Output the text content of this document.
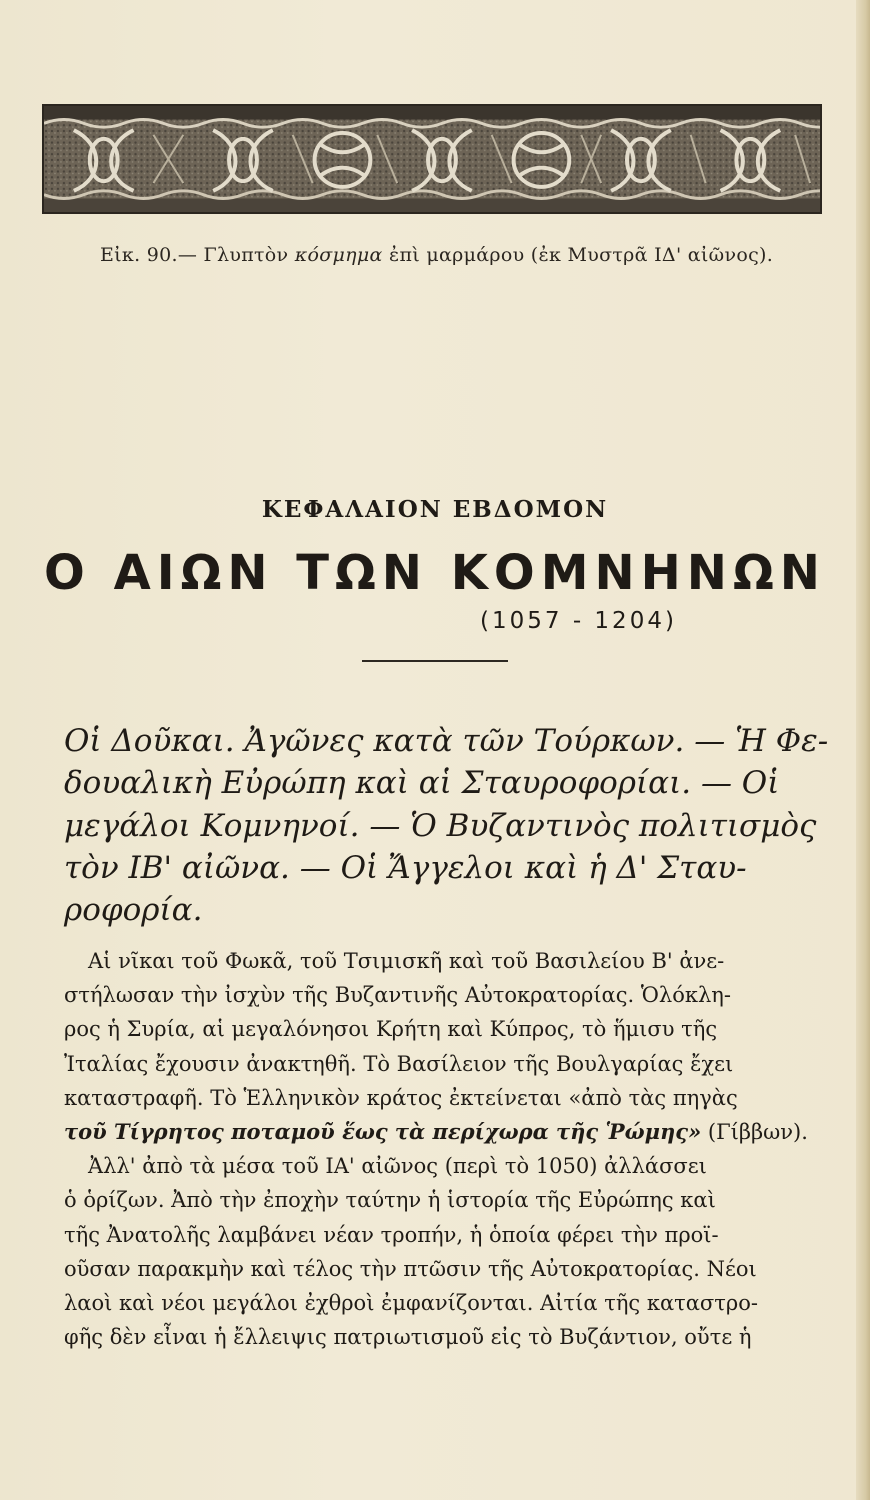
Εἰκ. 90.— Γλυπτὸν κόσμημα ἐπὶ μαρμάρου (ἐκ Μυστρᾶ ΙΔ' αἰῶνος).
ΚΕΦΑΛΑΙΟΝ ΕΒΔΟΜΟΝ
Ο ΑΙΩΝ ΤΩΝ ΚΟΜΝΗΝΩΝ
(1057 - 1204)
Οἱ Δοῦκαι. Ἀγῶνες κατὰ τῶν Τούρκων. — Ἡ Φε-
δουαλικὴ Εὐρώπη καὶ αἱ Σταυροφορίαι. — Οἱ
μεγάλοι Κομνηνοί. — Ὁ Βυζαντινὸς πολιτισμὸς
τὸν ΙΒ' αἰῶνα. — Οἱ Ἄγγελοι καὶ ἡ Δ' Σταυ-
ροφορία.
Αἱ νῖκαι τοῦ Φωκᾶ, τοῦ Τσιμισκῆ καὶ τοῦ Βασιλείου Β' ἀνε-
στήλωσαν τὴν ἰσχὺν τῆς Βυζαντινῆς Αὐτοκρατορίας. Ὁλόκλη-
ρος ἡ Συρία, αἱ μεγαλόνησοι Κρήτη καὶ Κύπρος, τὸ ἥμισυ τῆς
Ἰταλίας ἔχουσιν ἀνακτηθῆ. Τὸ Βασίλειον τῆς Βουλγαρίας ἔχει
καταστραφῆ. Τὸ Ἑλληνικὸν κράτος ἐκτείνεται «ἀπὸ τὰς πηγὰς
τοῦ Τίγρητος ποταμοῦ ἕως τὰ περίχωρα τῆς Ῥώμης» (Γίββων).
Ἀλλ' ἀπὸ τὰ μέσα τοῦ ΙΑ' αἰῶνος (περὶ τὸ 1050) ἀλλάσσει
ὁ ὁρίζων. Ἀπὸ τὴν ἐποχὴν ταύτην ἡ ἱστορία τῆς Εὐρώπης καὶ
τῆς Ἀνατολῆς λαμβάνει νέαν τροπήν, ἡ ὁποία φέρει τὴν προϊ-
οῦσαν παρακμὴν καὶ τέλος τὴν πτῶσιν τῆς Αὐτοκρατορίας. Νέοι
λαοὶ καὶ νέοι μεγάλοι ἐχθροὶ ἐμφανίζονται. Αἰτία τῆς καταστρο-
φῆς δὲν εἶναι ἡ ἔλλειψις πατριωτισμοῦ εἰς τὸ Βυζάντιον, οὔτε ἡ
